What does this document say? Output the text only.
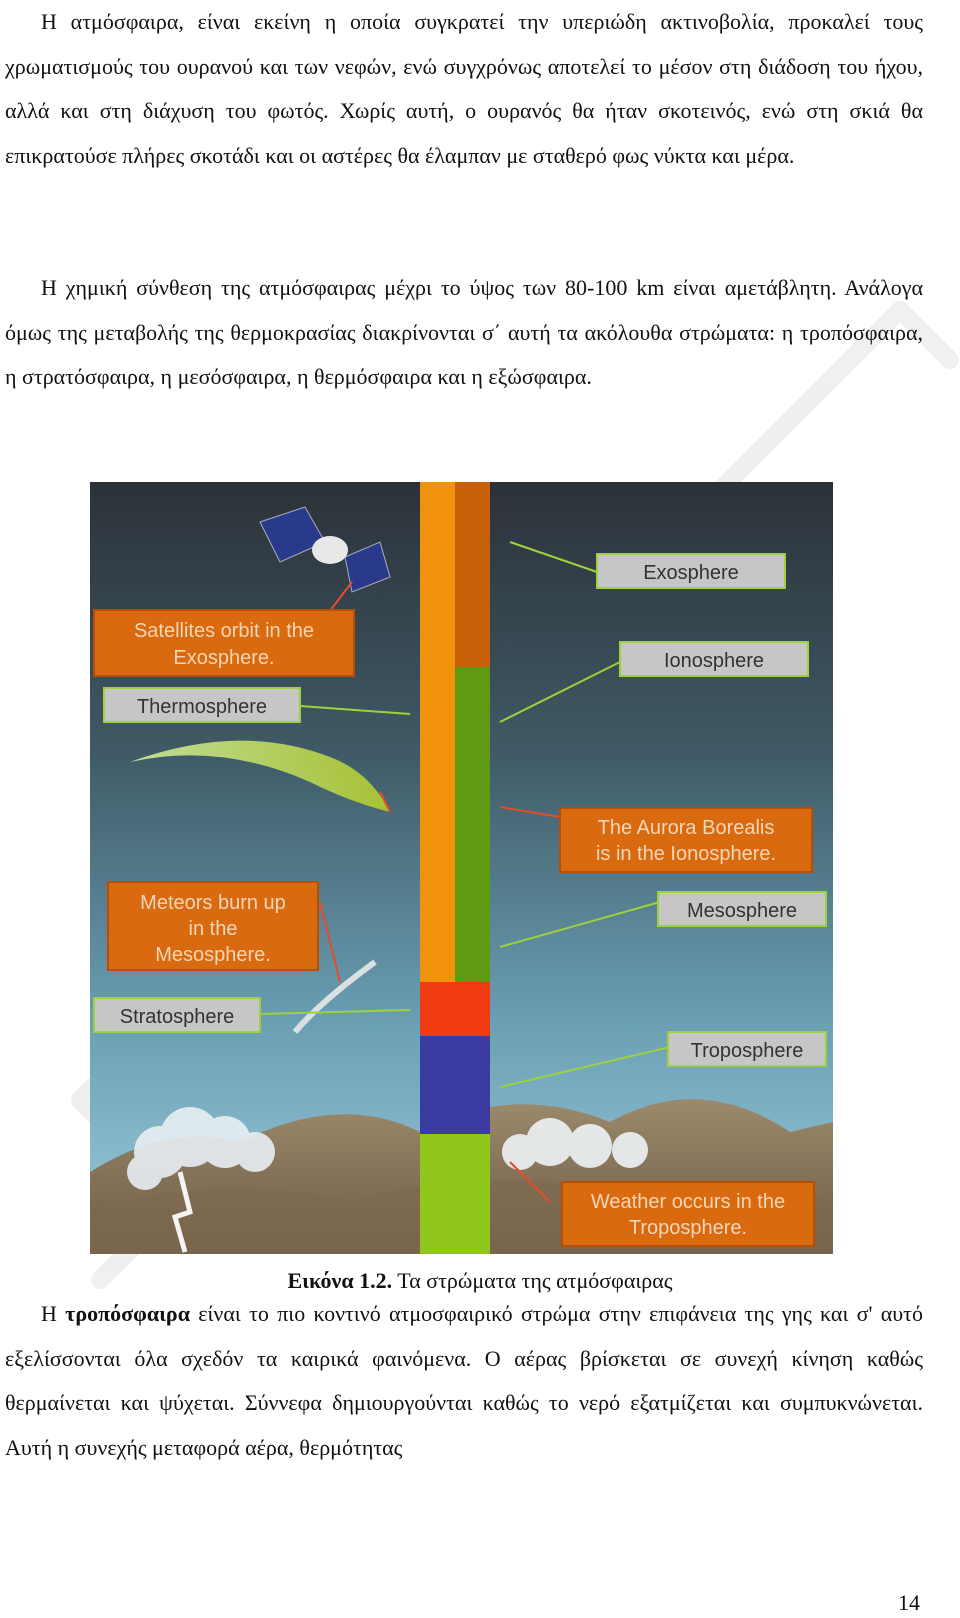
Η ατμόσφαιρα, είναι εκείνη η οποία συγκρατεί την υπεριώδη ακτινοβολία, προκαλεί τους χρωματισμούς του ουρανού και των νεφών, ενώ συγχρόνως αποτελεί το μέσον στη διάδοση του ήχου, αλλά και στη διάχυση του φωτός. Χωρίς αυτή, ο ουρανός θα ήταν σκοτεινός, ενώ στη σκιά θα επικρατούσε πλήρες σκοτάδι και οι αστέρες θα έλαμπαν με σταθερό φως νύκτα και μέρα.

Η χημική σύνθεση της ατμόσφαιρας μέχρι το ύψος των 80-100 km είναι αμετάβλητη. Ανάλογα όμως της μεταβολής της θερμοκρασίας διακρίνονται σ΄ αυτή τα ακόλουθα στρώματα: η τροπόσφαιρα, η στρατόσφαιρα, η μεσόσφαιρα, η θερμόσφαιρα και η εξώσφαιρα.

Exosphere
Ionosphere
Thermosphere
Mesosphere
Stratosphere
Troposphere
Satellites orbit in the
Exosphere.
The Aurora Borealis
is in the Ionosphere.
Meteors burn up
in the
Mesosphere.
Weather occurs in the
Troposphere.
Εικόνα 1.2. Τα στρώματα της ατμόσφαιρας

Η τροπόσφαιρα είναι το πιο κοντινό ατμοσφαιρικό στρώμα στην επιφάνεια της γης και σ' αυτό εξελίσσονται όλα σχεδόν τα καιρικά φαινόμενα. Ο αέρας βρίσκεται σε συνεχή κίνηση καθώς θερμαίνεται και ψύχεται. Σύννεφα δημιουργούνται καθώς το νερό εξατμίζεται και συμπυκνώνεται. Αυτή η συνεχής μεταφορά αέρα, θερμότητας

14
